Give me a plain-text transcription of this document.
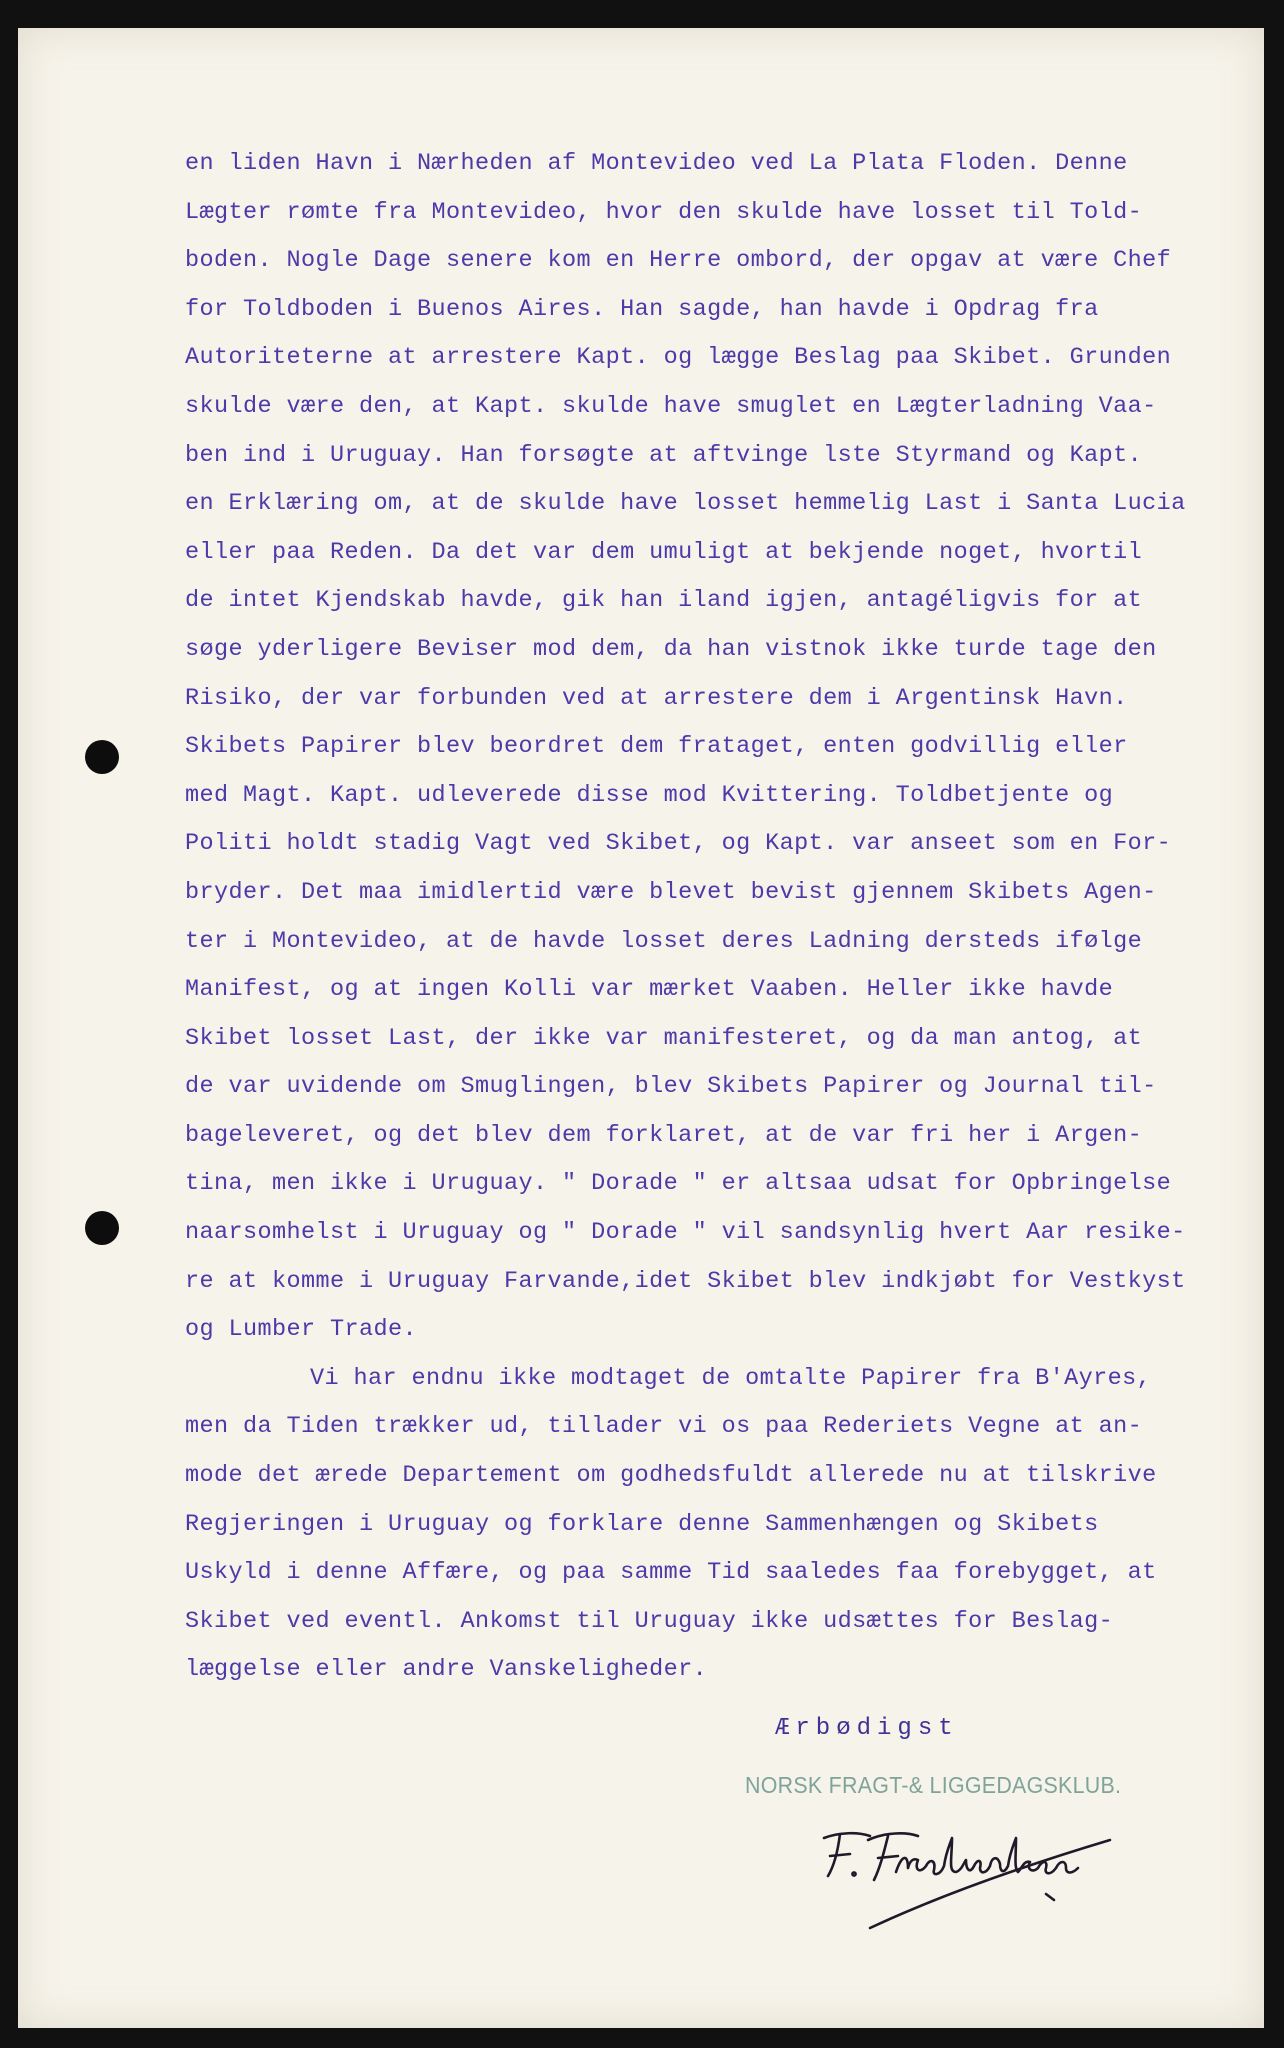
en liden Havn i Nærheden af Montevideo ved La Plata Floden. Denne
Lægter rømte fra Montevideo, hvor den skulde have losset til Told-
boden. Nogle Dage senere kom en Herre ombord, der opgav at være Chef
for Toldboden i Buenos Aires. Han sagde, han havde i Opdrag fra
Autoriteterne at arrestere Kapt. og lægge Beslag paa Skibet. Grunden
skulde være den, at Kapt. skulde have smuglet en Lægterladning Vaa-
ben ind i Uruguay. Han forsøgte at aftvinge lste Styrmand og Kapt.
en Erklæring om, at de skulde have losset hemmelig Last i Santa Lucia
eller paa Reden. Da det var dem umuligt at bekjende noget, hvortil
de intet Kjendskab havde, gik han iland igjen, antagéligvis for at
søge yderligere Beviser mod dem, da han vistnok ikke turde tage den
Risiko, der var forbunden ved at arrestere dem i Argentinsk Havn.
Skibets Papirer blev beordret dem frataget, enten godvillig eller
med Magt. Kapt. udleverede disse mod Kvittering. Toldbetjente og
Politi holdt stadig Vagt ved Skibet, og Kapt. var anseet som en For-
bryder. Det maa imidlertid være blevet bevist gjennem Skibets Agen-
ter i Montevideo, at de havde losset deres Ladning dersteds ifølge
Manifest, og at ingen Kolli var mærket Vaaben. Heller ikke havde
Skibet losset Last, der ikke var manifesteret, og da man antog, at
de var uvidende om Smuglingen, blev Skibets Papirer og Journal til-
bageleveret, og det blev dem forklaret, at de var fri her i Argen-
tina, men ikke i Uruguay. " Dorade " er altsaa udsat for Opbringelse
naarsomhelst i Uruguay og " Dorade " vil sandsynlig hvert Aar resike-
re at komme i Uruguay Farvande,idet Skibet blev indkjøbt for Vestkyst
og Lumber Trade.
Vi har endnu ikke modtaget de omtalte Papirer fra B'Ayres,
men da Tiden trækker ud, tillader vi os paa Rederiets Vegne at an-
mode det ærede Departement om godhedsfuldt allerede nu at tilskrive
Regjeringen i Uruguay og forklare denne Sammenhængen og Skibets
Uskyld i denne Affære, og paa samme Tid saaledes faa forebygget, at
Skibet ved eventl. Ankomst til Uruguay ikke udsættes for Beslag-
læggelse eller andre Vanskeligheder.
Ærbødigst
NORSK FRAGT-& LIGGEDAGSKLUB.
